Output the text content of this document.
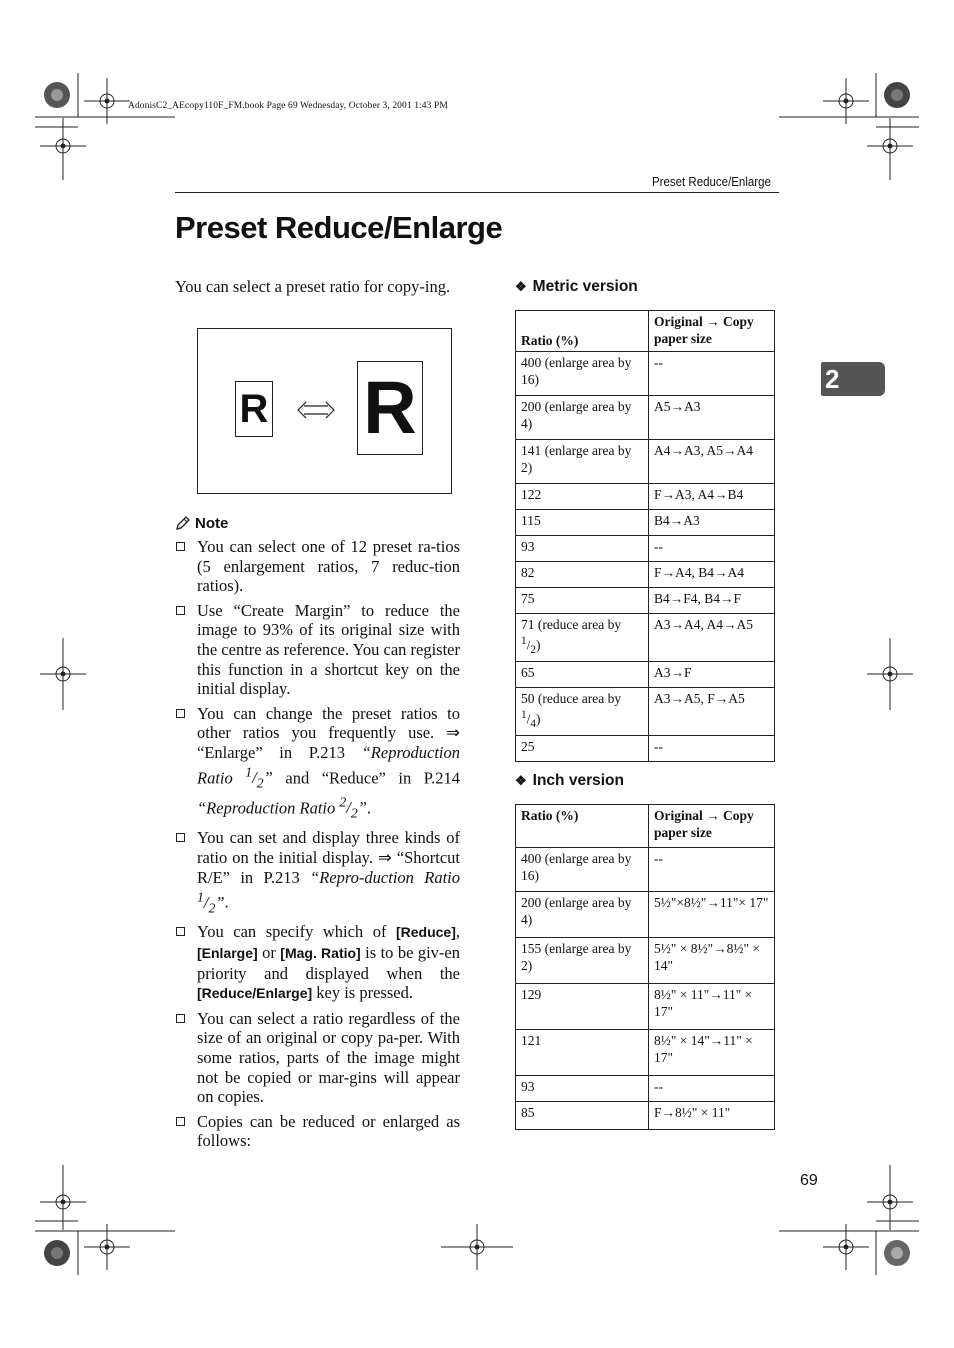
AdonisC2_AEcopy110F_FM.book Page 69 Wednesday, October 3, 2001 1:43 PM
Preset Reduce/Enlarge
2
Preset Reduce/Enlarge

You can select a preset ratio for copy-ing.

R R
Note
You can select one of 12 preset ra-tios (5 enlargement ratios, 7 reduc-tion ratios).
Use “Create Margin” to reduce the image to 93% of its original size with the centre as reference. You can register this function in a shortcut key on the initial display.
You can change the preset ratios to other ratios you frequently use. ⇒ “Enlarge” in P.213 “Reproduction Ratio $^1/_2$” and “Reduce” in P.214 “Reproduction Ratio $^2/_2$”.
You can set and display three kinds of ratio on the initial display. ⇒ “Shortcut R/E” in P.213 “Repro-duction Ratio $^1/_2$”.
You can specify which of [Reduce], [Enlarge] or [Mag. Ratio] is to be giv-en priority and displayed when the [Reduce/Enlarge] key is pressed.
You can select a ratio regardless of the size of an original or copy pa-per. With some ratios, parts of the image might not be copied or mar-gins will appear on copies.
Copies can be reduced or enlarged as follows:
❖ Metric version
Ratio (%)	Original → Copy paper size
400 (enlarge area by 16)	--
200 (enlarge area by 4)	A5→A3
141 (enlarge area by 2)	A4→A3, A5→A4
122	F→A3, A4→B4
115	B4→A3
93	--
82	F→A4, B4→A4
75	B4→F4, B4→F
71 (reduce area by $^1/_2$)	A3→A4, A4→A5
65	A3→F
50 (reduce area by $^1/_4$)	A3→A5, F→A5
25	--
❖ Inch version
Ratio (%)	Original → Copy paper size
400 (enlarge area by 16)	--
200 (enlarge area by 4)	5½"×8½"→11"× 17"
155 (enlarge area by 2)	5½" × 8½"→8½" × 14"
129	8½" × 11"→11" × 17"
121	8½" × 14"→11" × 17"
93	--
85	F→8½" × 11"
69
